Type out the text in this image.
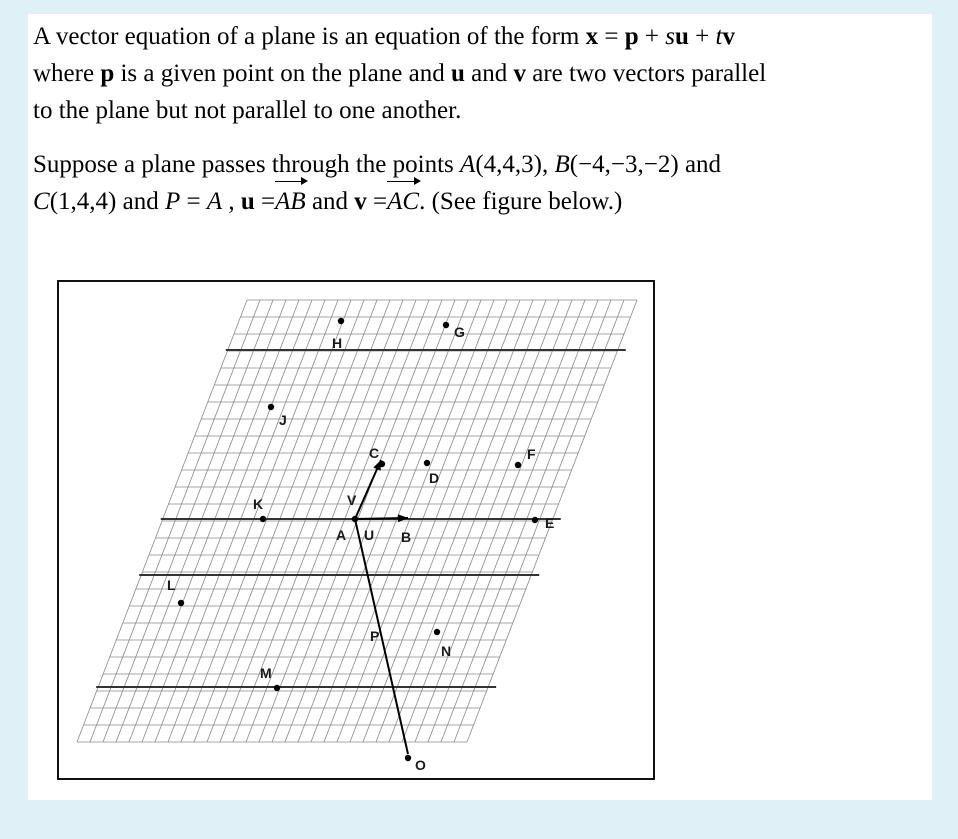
A vector equation of a plane is an equation of the form x = p + su + tv
where p is a given point on the plane and u and v are two vectors parallel
to the plane but not parallel to one another.

Suppose a plane passes through the points A(4,4,3), B(−4,−3,−2) and
C(1,4,4) and P = A , u =
AB and v =
AC. (See figure below.)

H
G
J
C
D
F
K	V
A U B
E
L
P
N
M
O
